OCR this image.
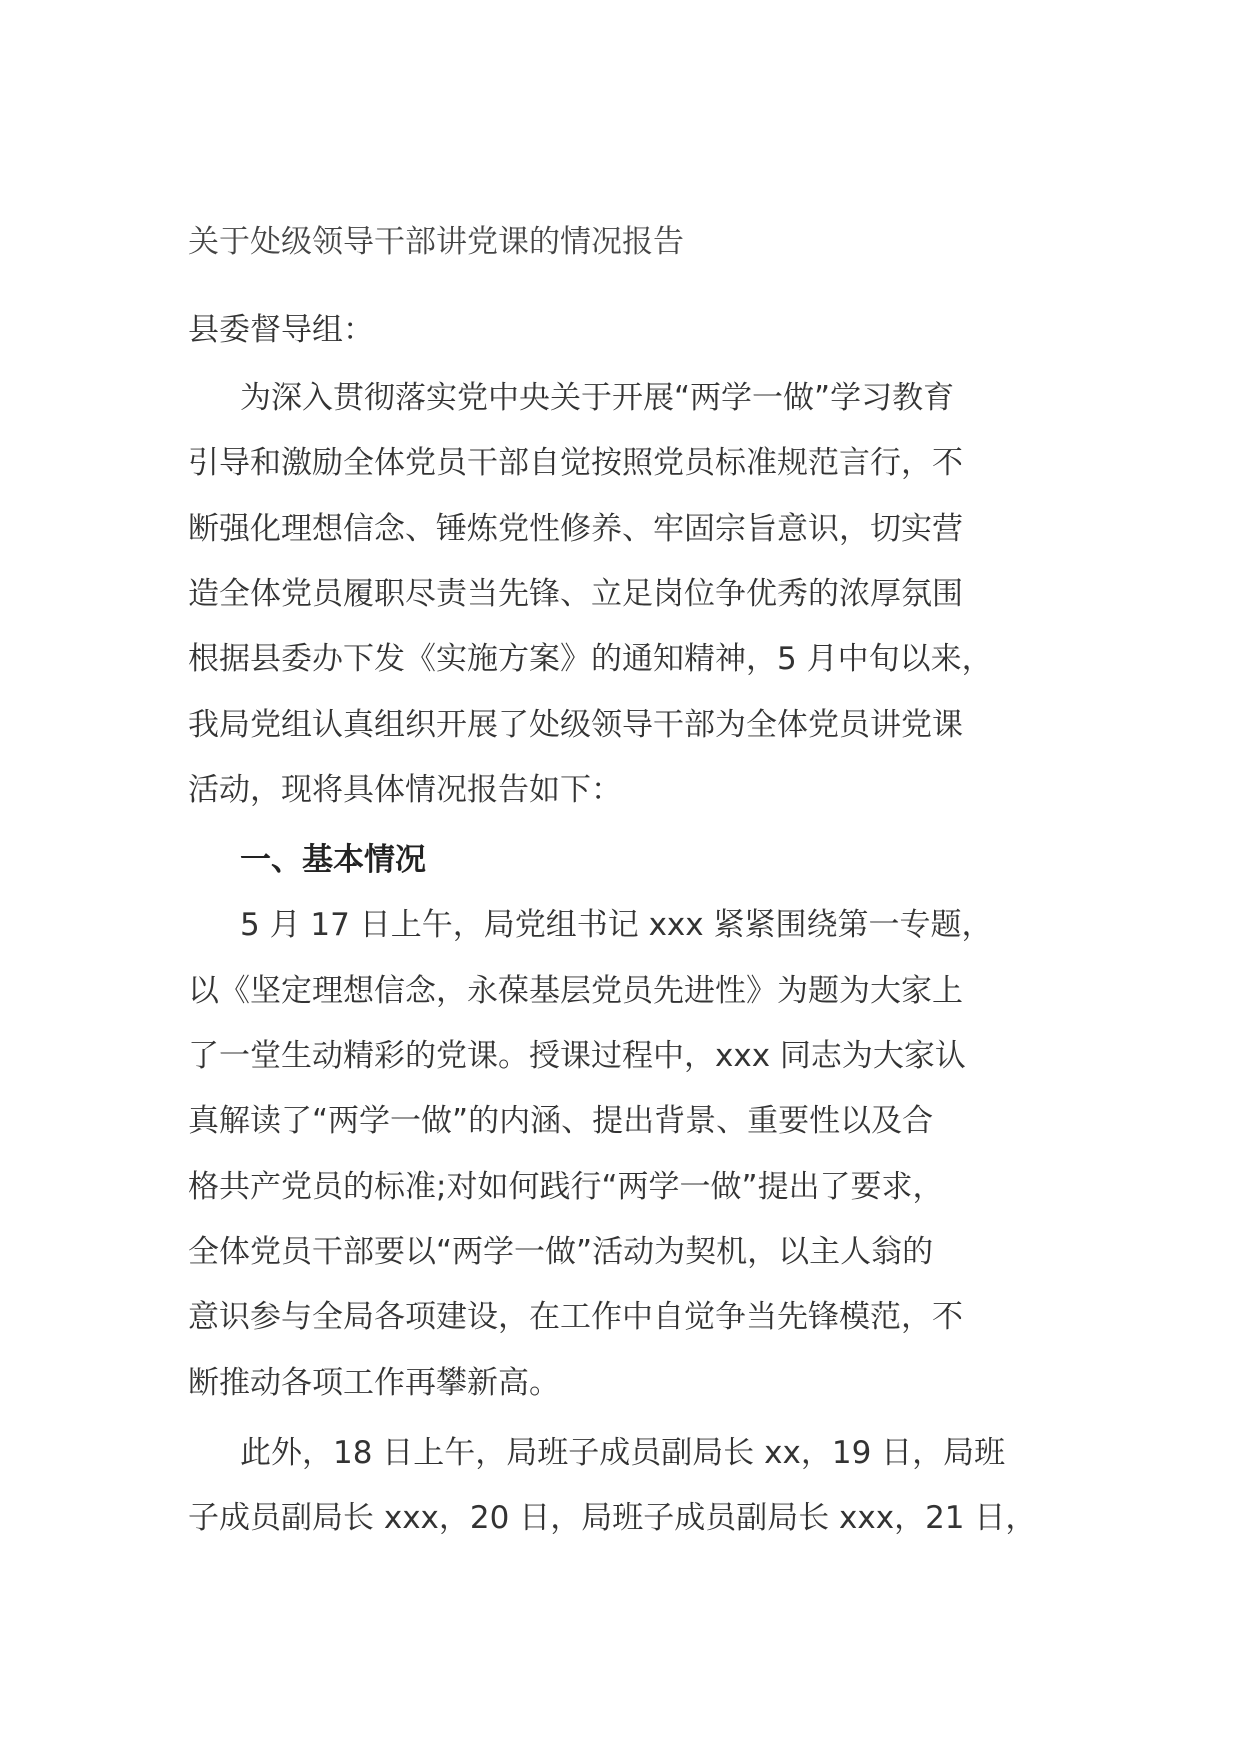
关于处级领导干部讲党课的情况报告
县委督导组：
为深入贯彻落实党中央关于开展“两学一做”学习教育
引导和激励全体党员干部自觉按照党员标准规范言行，不
断强化理想信念、锤炼党性修养、牢固宗旨意识，切实营
造全体党员履职尽责当先锋、立足岗位争优秀的浓厚氛围
根据县委办下发《实施方案》的通知精神，5 月中旬以来，
我局党组认真组织开展了处级领导干部为全体党员讲党课
活动，现将具体情况报告如下：
一、基本情况
5 月 17 日上午，局党组书记 xxx 紧紧围绕第一专题，
以《坚定理想信念，永葆基层党员先进性》为题为大家上
了一堂生动精彩的党课。授课过程中，xxx 同志为大家认
真解读了“两学一做”的内涵、提出背景、重要性以及合
格共产党员的标准;对如何践行“两学一做”提出了要求，
全体党员干部要以“两学一做”活动为契机，以主人翁的
意识参与全局各项建设，在工作中自觉争当先锋模范，不
断推动各项工作再攀新高。
此外，18 日上午，局班子成员副局长 xx，19 日，局班
子成员副局长 xxx，20 日，局班子成员副局长 xxx，21 日，
